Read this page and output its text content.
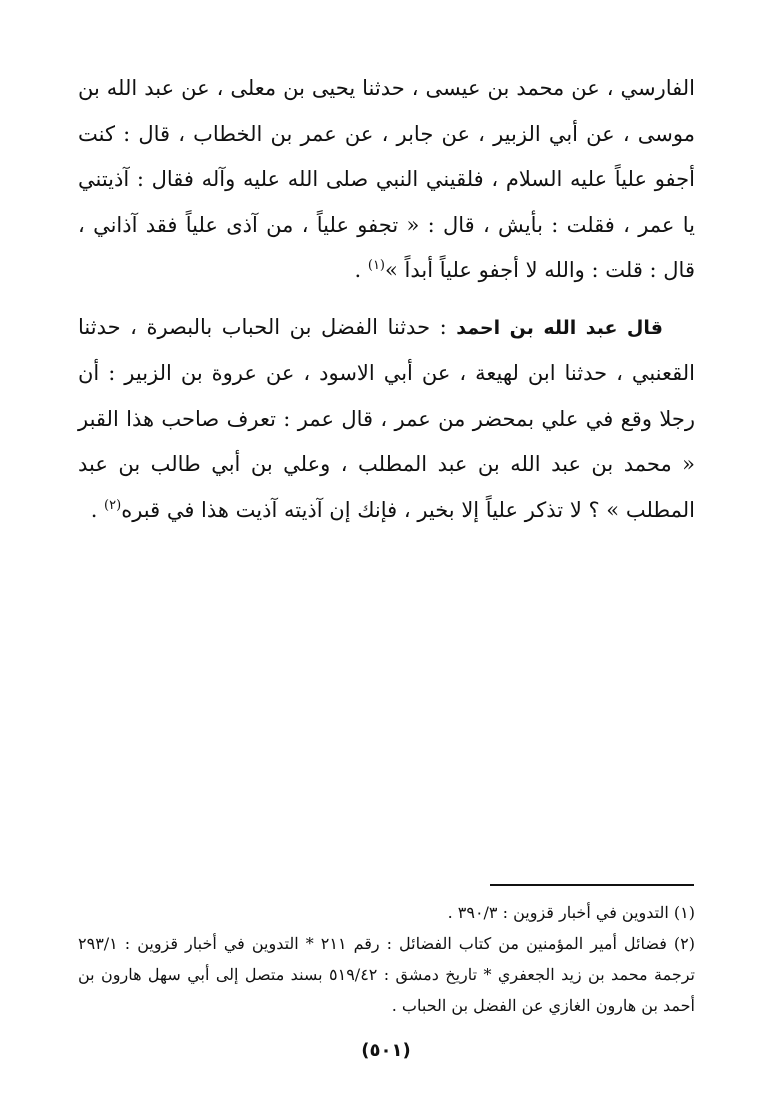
الفارسي ، عن محمد بن عيسى ، حدثنا يحيى بن معلى ، عن عبد الله بن موسى ، عن أبي الزبير ، عن جابر ، عن عمر بن الخطاب ، قال : كنت أجفو علياً عليه السلام ، فلقيني النبي صلى الله عليه وآله فقال : آذيتني يا عمر ، فقلت : بأيش ، قال : « تجفو علياً ، من آذى علياً فقد آذاني ، قال : قلت : والله لا أجفو علياً أبداً »$^{(١)}$ .

قال عبد الله بن احمد : حدثنا الفضل بن الحباب بالبصرة ، حدثنا القعنبي ، حدثنا ابن لهيعة ، عن أبي الاسود ، عن عروة بن الزبير : أن رجلا وقع في علي بمحضر من عمر ، قال عمر : تعرف صاحب هذا القبر « محمد بن عبد الله بن عبد المطلب ، وعلي بن أبي طالب بن عبد المطلب » ؟ لا تذكر علياً إلا بخير ، فإنك إن آذيته آذيت هذا في قبره$^{(٢)}$ .

(١) التدوين في أخبار قزوين : ٣٩٠/٣ .

(٢) فضائل أمير المؤمنين من كتاب الفضائل : رقم ٢١١ * التدوين في أخبار قزوين : ٢٩٣/١ ترجمة محمد بن زيد الجعفري * تاريخ دمشق : ٥١٩/٤٢ بسند متصل إلى أبي سهل هارون بن أحمد بن هارون الغازي عن الفضل بن الحباب .

(٥٠١)
